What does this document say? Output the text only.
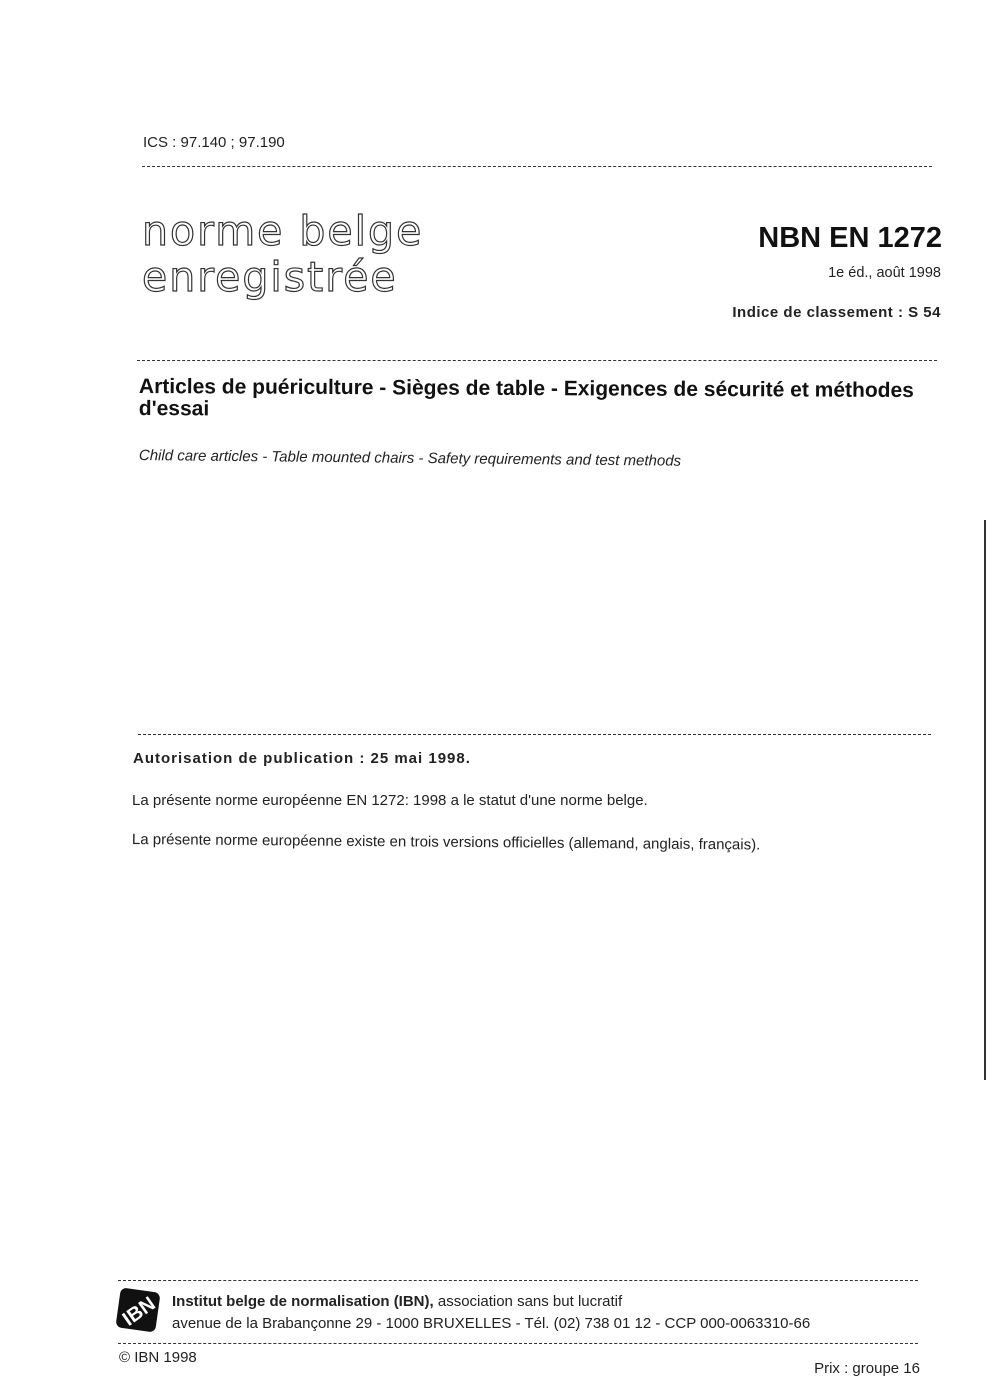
ICS : 97.140 ; 97.190
norme belge
enregistrée
NBN EN 1272
1e éd., août 1998
Indice de classement : S 54
Articles de puériculture - Sièges de table - Exigences de sécurité et méthodes d'essai
Child care articles - Table mounted chairs - Safety requirements and test methods
Autorisation de publication : 25 mai 1998.
La présente norme européenne EN 1272: 1998 a le statut d'une norme belge.
La présente norme européenne existe en trois versions officielles (allemand, anglais, français).
IBN Institut belge de normalisation (IBN), association sans but lucratif
avenue de la Brabançonne 29 - 1000 BRUXELLES - Tél. (02) 738 01 12 - CCP 000-0063310-66
© IBN 1998
Prix : groupe 16
